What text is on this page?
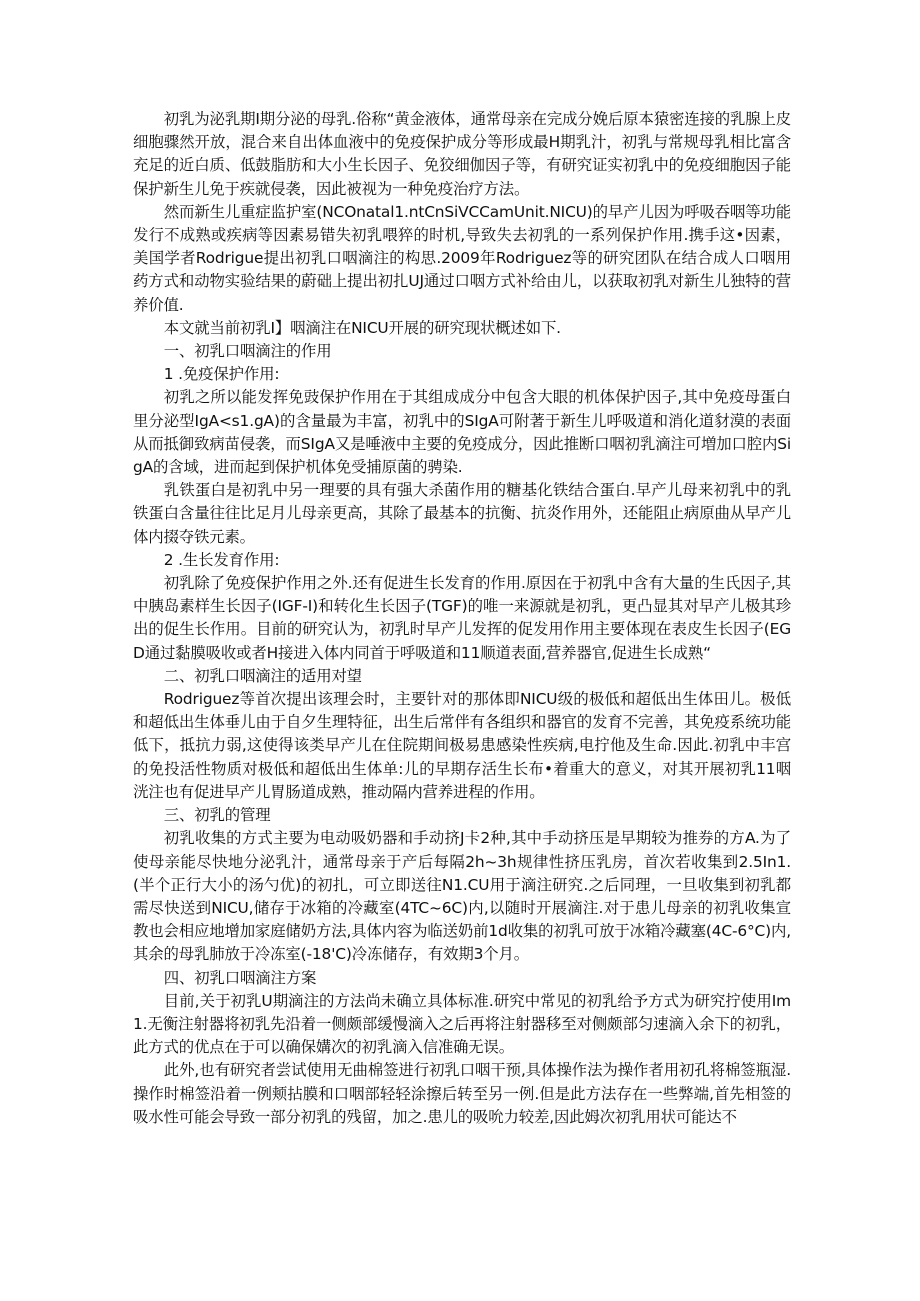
初乳为泌乳期I期分泌的母乳.俗称“黄金液体，通常母亲在完成分娩后原本猿密连接的乳腺上皮细胞骤然开放，混合来自出体血液中的免疫保护成分等形成最H期乳汁，初乳与常规母乳相比富含充足的近白质、低鼓脂肪和大小生长因子、免狡细伽因子等，有研究证实初乳中的免疫细胞因子能保护新生儿免于疾就侵袭，因此被视为一种免疫治疗方法。

然而新生儿重症监护室(NCOnatal1.ntCnSiVCCamUnit.NICU)的早产儿因为呼吸吞咽等功能发行不成熟或疾病等因素易错失初乳喂猝的时机,导致失去初乳的一系列保护作用.携手这•因素，美国学者Rodrigue提出初乳口咽滴注的构思.2009年Rodriguez等的研究团队在结合成人口咽用药方式和动物实验结果的蔚础上提出初扎UJ通过口咽方式补给由儿，以获取初乳对新生儿独特的营养价值.

本文就当前初乳I】咽滴注在NICU开展的研究现状概述如下.

一、初乳口咽滴注的作用

1 .免疫保护作用:

初乳之所以能发挥免豉保护作用在于其组成成分中包含大眼的机体保护因子,其中免疫母蛋白里分泌型IgA<s1.gA)的含量最为丰富，初乳中的SIgA可附著于新生儿呼吸道和消化道豺漠的表面从而抵御致病苗侵袭，而SIgA又是唾液中主要的免疫成分，因此推断口咽初乳滴注可増加口腔内SigA的含域，进而起到保护机体免受捕原菌的骋染.

乳铁蛋白是初乳中另一理要的具有强大杀菌作用的糖基化铁结合蛋白.早产儿母来初乳中的乳铁蛋白含量往往比足月儿母亲更高，其除了最基本的抗衡、抗炎作用外，还能阻止病原曲从早产儿体内掇夺铁元素。

2 .生长发育作用:

初乳除了免疫保护作用之外.还有促进生长发育的作用.原因在于初乳中含有大量的生氏因子,其中胰岛素样生长因子(IGF-I)和转化生长因子(TGF)的唯一来源就是初乳，更凸显其对早产儿极其珍出的促生长作用。目前的研究认为，初乳时早产儿发挥的促发用作用主要体现在表皮生长因子(EGD通过黏膜吸收或者H接进入体内同首于呼吸道和11顺道表面,营养器官,促进生长成熟“

二、初乳口咽滴注的适用对望

Rodriguez等首次提出该理会时，主要针对的那体即NICU级的极低和超低出生体田儿。极低和超低出生体垂儿由于自夕生理特征，出生后常伴有各组织和器官的发育不完善，其免疫系统功能低下，抵抗力弱,这使得该类早产儿在住院期间极易患感染性疾病,电拧他及生命.因此.初乳中丰宫的免投活性物质对极低和超低出生体单:儿的早期存活生长布•着重大的意义，对其开展初乳11咽洸注也有促进早产儿胃肠道成熟，推动隔内营养进程的作用。

三、初乳的管理

初乳收集的方式主要为电动吸奶器和手动挤J卡2种,其中手动挤压是早期较为推券的方A.为了使母亲能尽快地分泌乳汁，通常母亲于产后每隔2h~3h规律性挤压乳房，首次若收集到2.5In1.(半个正行大小的汤勺优)的初扎，可立即送往N1.CU用于滴注研究.之后同理，一旦收集到初乳都需尽快送到NICU,储存于冰箱的冷藏室(4TC~6C)内,以随时开展滴注.对于患儿母亲的初乳收集宣教也会相应地增加家庭储奶方法,具体内容为临送奶前1d收集的初乳可放于冰箱冷藏塞(4C-6°C)内,其余的母乳肺放于冷冻室(-18'C)冷冻储存，有效期3个月。

四、初乳口咽滴注方案

目前,关于初乳U期滴注的方法尚未确立具体标准.研究中常见的初乳给予方式为研究拧使用Im1.无衡注射器将初乳先沿着一侧颇部缓慢滴入之后再将注射器移至对侧颇部匀速滴入余下的初乳，此方式的优点在于可以确保媾次的初乳滴入信准确无误。

此外,也有研究者尝试使用无曲棉签进行初乳口咽干预,具体操作法为操作者用初孔将棉签瓶湿.操作时棉签沿着一例颊拈膜和口咽部轻轻涂擦后转至另一例.但是此方法存在一些弊端,首先相签的吸水性可能会导致一部分初乳的残留，加之.患儿的吸吮力较差,因此姆次初乳用状可能达不
